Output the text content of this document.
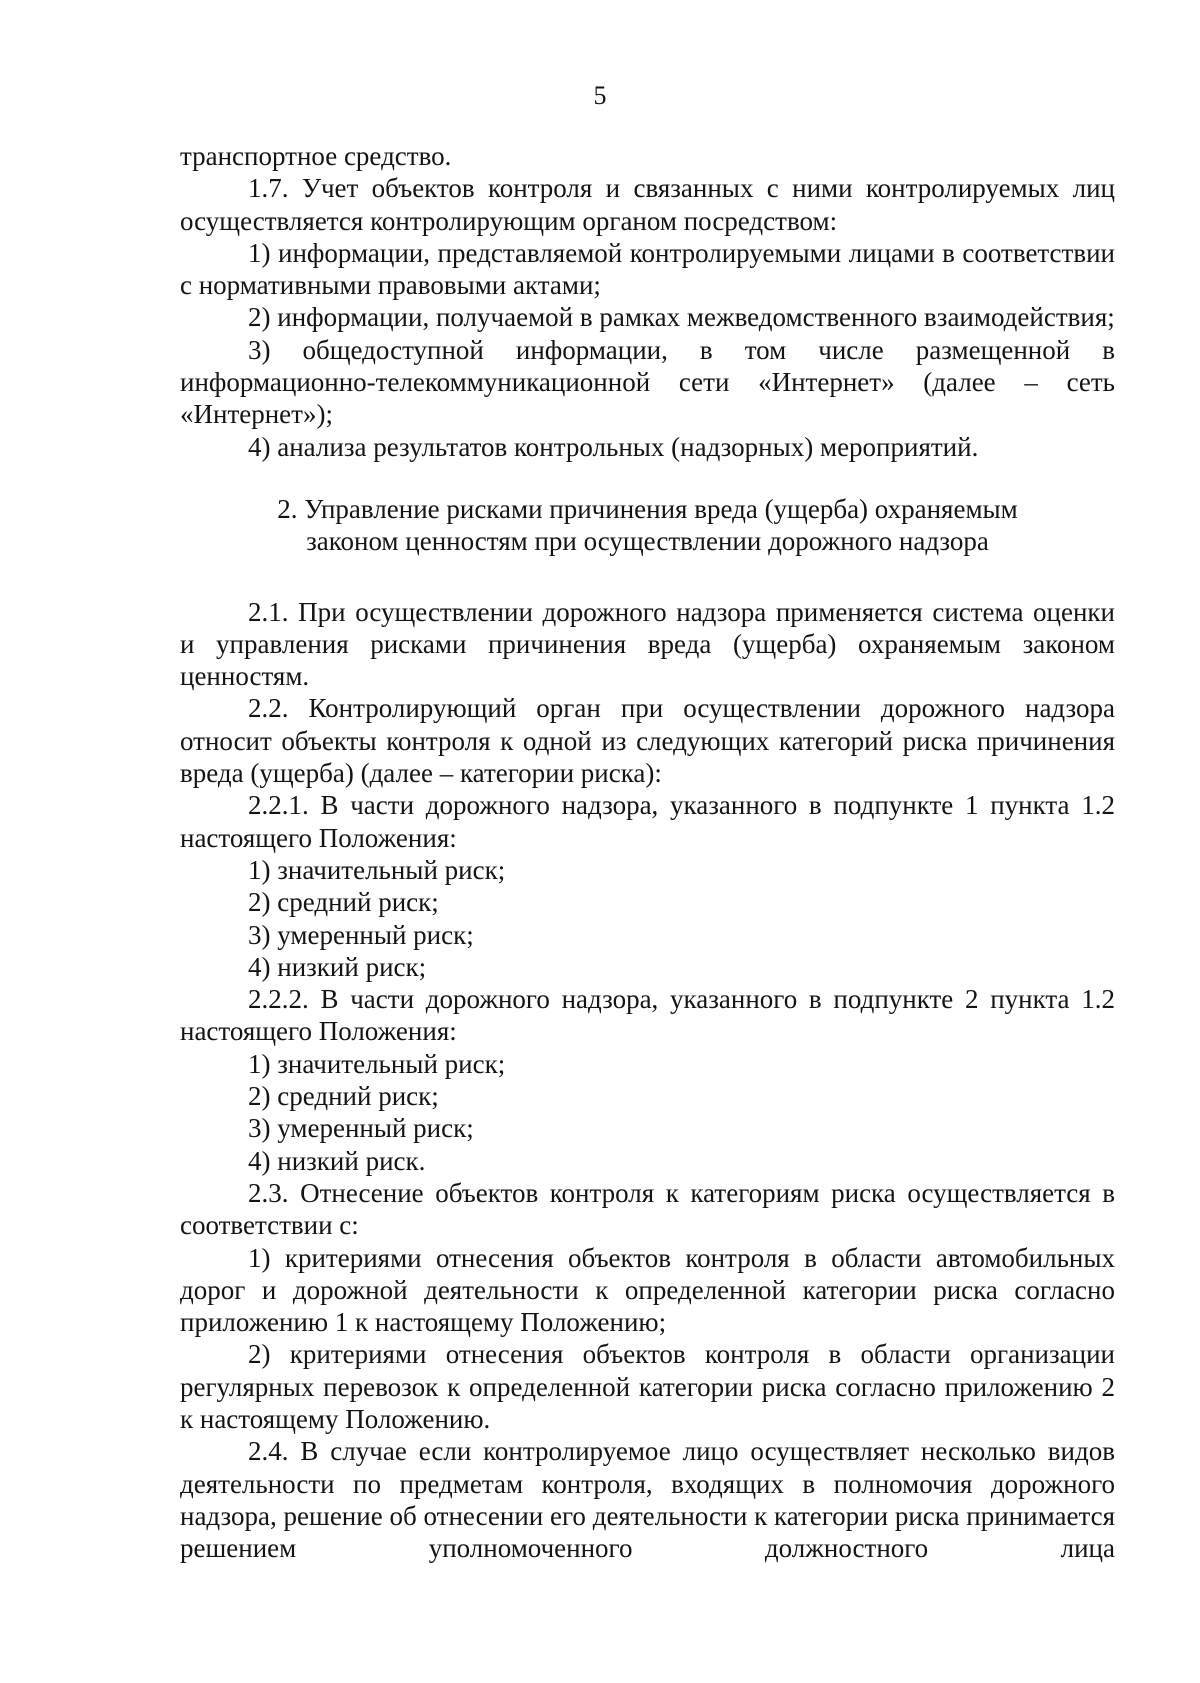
5

транспортное средство.

1.7. Учет объектов контроля и связанных с ними контролируемых лиц осуществляется контролирующим органом посредством:

1) информации, представляемой контролируемыми лицами в соответствии с нормативными правовыми актами;

2) информации, получаемой в рамках межведомственного взаимодействия;

3) общедоступной информации, в том числе размещенной в информационно-телекоммуникационной сети «Интернет» (далее – сеть «Интернет»);

4) анализа результатов контрольных (надзорных) мероприятий.

2. Управление рисками причинения вреда (ущерба) охраняемым
законом ценностям при осуществлении дорожного надзора

2.1. При осуществлении дорожного надзора применяется система оценки и управления рисками причинения вреда (ущерба) охраняемым законом ценностям.

2.2. Контролирующий орган при осуществлении дорожного надзора относит объекты контроля к одной из следующих категорий риска причинения вреда (ущерба) (далее – категории риска):

2.2.1. В части дорожного надзора, указанного в подпункте 1 пункта 1.2 настоящего Положения:

1) значительный риск;

2) средний риск;

3) умеренный риск;

4) низкий риск;

2.2.2. В части дорожного надзора, указанного в подпункте 2 пункта 1.2 настоящего Положения:

1) значительный риск;

2) средний риск;

3) умеренный риск;

4) низкий риск.

2.3. Отнесение объектов контроля к категориям риска осуществляется в соответствии с:

1) критериями отнесения объектов контроля в области автомобильных дорог и дорожной деятельности к определенной категории риска согласно приложению 1 к настоящему Положению;

2) критериями отнесения объектов контроля в области организации регулярных перевозок к определенной категории риска согласно приложению 2 к настоящему Положению.

2.4. В случае если контролируемое лицо осуществляет несколько видов деятельности по предметам контроля, входящих в полномочия дорожного надзора, решение об отнесении его деятельности к категории риска принимается решением уполномоченного должностного лица
